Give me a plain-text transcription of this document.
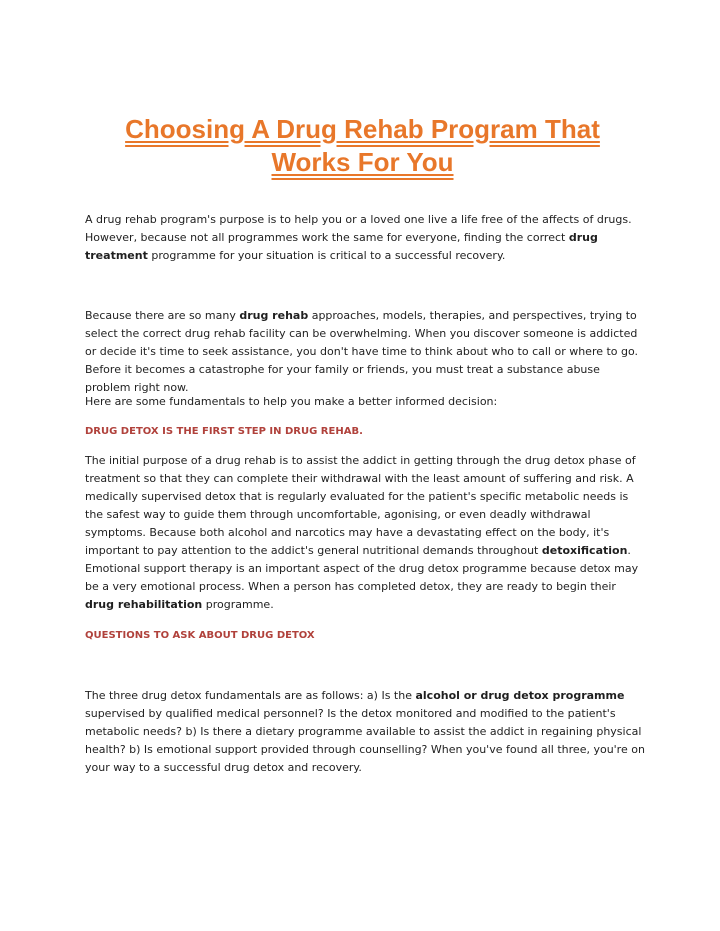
Choosing A Drug Rehab Program That Works For You

A drug rehab program's purpose is to help you or a loved one live a life free of the affects of drugs. However, because not all programmes work the same for everyone, finding the correct drug treatment programme for your situation is critical to a successful recovery.

Because there are so many drug rehab approaches, models, therapies, and perspectives, trying to select the correct drug rehab facility can be overwhelming. When you discover someone is addicted or decide it's time to seek assistance, you don't have time to think about who to call or where to go. Before it becomes a catastrophe for your family or friends, you must treat a substance abuse problem right now.

Here are some fundamentals to help you make a better informed decision:

DRUG DETOX IS THE FIRST STEP IN DRUG REHAB.

The initial purpose of a drug rehab is to assist the addict in getting through the drug detox phase of treatment so that they can complete their withdrawal with the least amount of suffering and risk. A medically supervised detox that is regularly evaluated for the patient's specific metabolic needs is the safest way to guide them through uncomfortable, agonising, or even deadly withdrawal symptoms. Because both alcohol and narcotics may have a devastating effect on the body, it's important to pay attention to the addict's general nutritional demands throughout detoxification. Emotional support therapy is an important aspect of the drug detox programme because detox may be a very emotional process. When a person has completed detox, they are ready to begin their drug rehabilitation programme.

QUESTIONS TO ASK ABOUT DRUG DETOX

The three drug detox fundamentals are as follows: a) Is the alcohol or drug detox programme supervised by qualified medical personnel? Is the detox monitored and modified to the patient's metabolic needs? b) Is there a dietary programme available to assist the addict in regaining physical health? b) Is emotional support provided through counselling? When you've found all three, you're on your way to a successful drug detox and recovery.
